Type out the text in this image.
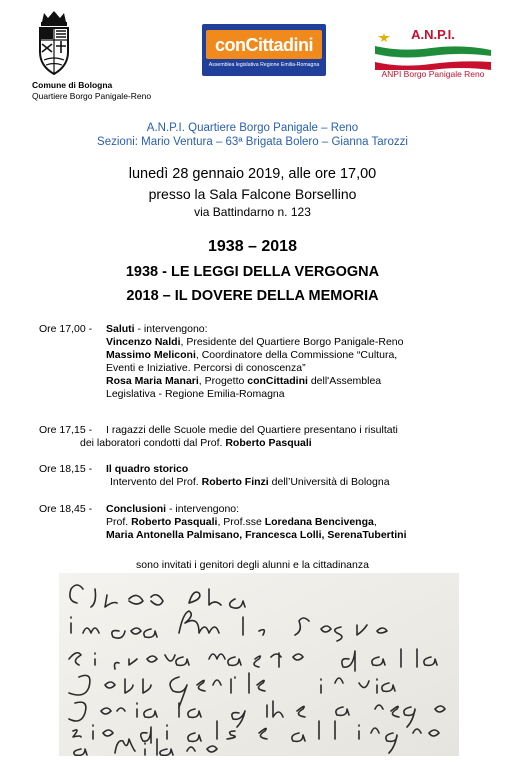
Comune di Bologna
Quartiere Borgo Panigale-Reno
conCittadini
Assemblea legislativa Regione Emilia-Romagna
A.N.P.I.
ANPI Borgo Panigale Reno
A.N.P.I. Quartiere Borgo Panigale – Reno
Sezioni: Mario Ventura – 63ª Brigata Bolero – Gianna Tarozzi
lunedì 28 gennaio 2019, alle ore 17,00
presso la Sala Falcone Borsellino
via Battindarno n. 123
1938 – 2018
1938 - LE LEGGI DELLA VERGOGNA
2018 – IL DOVERE DELLA MEMORIA
Ore 17,00 - Saluti - intervengono:
Vincenzo Naldi, Presidente del Quartiere Borgo Panigale-Reno
Massimo Meliconi, Coordinatore della Commissione “Cultura,
Eventi e Iniziative. Percorsi di conoscenza”
Rosa Maria Manari, Progetto conCittadini dell'Assemblea
Legislativa - Regione Emilia-Romagna
Ore 17,15 - I ragazzi delle Scuole medie del Quartiere presentano i risultati
dei laboratori condotti dal Prof. Roberto Pasquali
Ore 18,15 - Il quadro storico
Intervento del Prof. Roberto Finzi dell’Università di Bologna
Ore 18,45 - Conclusioni - intervengono:
Prof. Roberto Pasquali, Prof.sse Loredana Bencivenga,
Maria Antonella Palmisano, Francesca Lolli, SerenaTubertini
sono invitati i genitori degli alunni e la cittadinanza
